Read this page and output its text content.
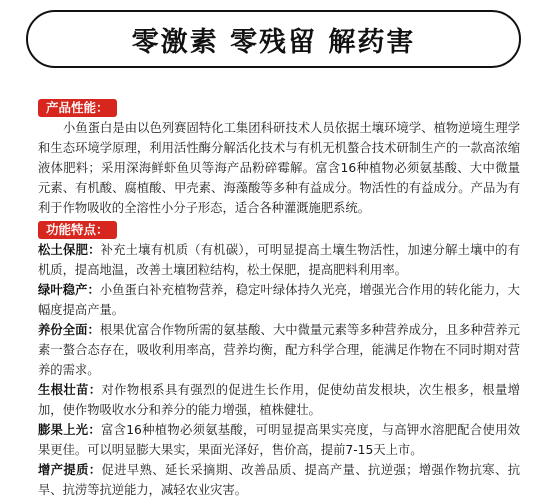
零激素 零残留 解药害
产品性能：

小鱼蛋白是由以色列赛固特化工集团科研技术人员依据土壤环境学、植物逆境生理学和生态环境学原理，利用活性酶分解活化技术与有机无机螯合技术研制生产的一款高浓缩液体肥料；采用深海鲜虾鱼贝等海产品粉碎霉解。富含16种植物必须氨基酸、大中微量元素、有机酸、腐植酸、甲壳素、海藻酸等多种有益成分。物活性的有益成分。产品为有利于作物吸收的全溶性小分子形态，适合各种灌溉施肥系统。

功能特点：

松土保肥：补充土壤有机质（有机碳），可明显提高土壤生物活性，加速分解土壤中的有机质，提高地温，改善土壤团粒结构，松土保肥，提高肥料利用率。

绿叶稳产：小鱼蛋白补充植物营养，稳定叶绿体持久光亮，增强光合作用的转化能力，大幅度提高产量。

养份全面：根果优富合作物所需的氨基酸、大中微量元素等多种营养成分，且多种营养元素一螯合态存在，吸收利用率高，营养均衡，配方科学合理，能满足作物在不同时期对营养的需求。

生根壮苗：对作物根系具有强烈的促进生长作用，促使幼苗发根块，次生根多，根量增加，使作物吸收水分和养分的能力增强，植株健壮。

膨果上光：富含16种植物必须氨基酸，可明显提高果实亮度，与高钾水溶肥配合使用效果更佳。可以明显膨大果实，果面光泽好，售价高，提前7-15天上市。

增产提质：促进早熟、延长采摘期、改善品质、提高产量、抗逆强；增强作物抗寒、抗旱、抗涝等抗逆能力，减轻农业灾害。
